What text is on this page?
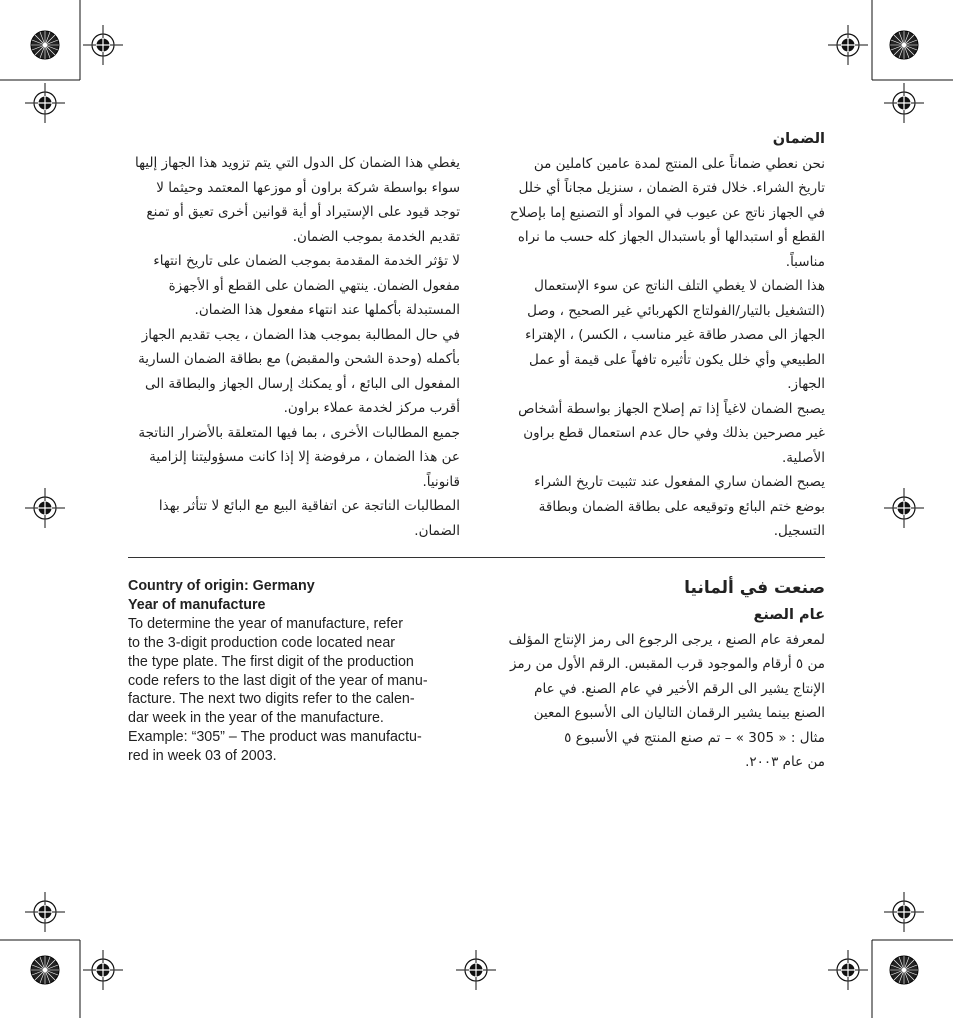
الضمان

نحن نعطي ضماناً على المنتج لمدة عامين كاملين من تاريخ الشراء. خلال فترة الضمان ، سنزيل مجاناً أي خلل في الجهاز ناتج عن عيوب في المواد أو التصنيع إما بإصلاح القطع أو استبدالها أو باستبدال الجهاز كله حسب ما نراه مناسباً.

هذا الضمان لا يغطي التلف الناتج عن سوء الإستعمال (التشغيل بالتيار/الفولتاج الكهربائي غير الصحيح ، وصل الجهاز الى مصدر طاقة غير مناسب ، الكسر) ، الإهتراء الطبيعي وأي خلل يكون تأثيره تافهاً على قيمة أو عمل الجهاز.

يصبح الضمان لاغياً إذا تم إصلاح الجهاز بواسطة أشخاص غير مصرحين بذلك وفي حال عدم استعمال قطع براون الأصلية.

يصبح الضمان ساري المفعول عند تثبيت تاريخ الشراء بوضع ختم البائع وتوقيعه على بطاقة الضمان وبطاقة التسجيل.

يغطي هذا الضمان كل الدول التي يتم تزويد هذا الجهاز إليها سواء بواسطة شركة براون أو موزعها المعتمد وحيثما لا توجد قيود على الإستيراد أو أية قوانين أخرى تعيق أو تمنع تقديم الخدمة بموجب الضمان.

لا تؤثر الخدمة المقدمة بموجب الضمان على تاريخ انتهاء مفعول الضمان. ينتهي الضمان على القطع أو الأجهزة المستبدلة بأكملها عند انتهاء مفعول هذا الضمان.

في حال المطالبة بموجب هذا الضمان ، يجب تقديم الجهاز بأكمله (وحدة الشحن والمقبض) مع بطاقة الضمان السارية المفعول الى البائع ، أو يمكنك إرسال الجهاز والبطاقة الى أقرب مركز لخدمة عملاء براون.

جميع المطالبات الأخرى ، بما فيها المتعلقة بالأضرار الناتجة عن هذا الضمان ، مرفوضة إلا إذا كانت مسؤوليتنا إلزامية قانونياً.

المطالبات الناتجة عن اتفاقية البيع مع البائع لا تتأثر بهذا الضمان.

Country of origin: Germany

Year of manufacture

To determine the year of manufacture, refer

to the 3-digit production code located near

the type plate. The first digit of the production

code refers to the last digit of the year of manu-

facture. The next two digits refer to the calen-

dar week in the year of the manufacture.

Example: “305” – The product was manufactu-

red in week 03 of 2003.

صنعت في ألمانيا

عام الصنع

لمعرفة عام الصنع ، يرجى الرجوع الى رمز الإنتاج المؤلف من ٥ أرقام والموجود قرب المقبس. الرقم الأول من رمز الإنتاج يشير الى الرقم الأخير في عام الصنع. في عام الصنع بينما يشير الرقمان التاليان الى الأسبوع المعين

مثال : « 305 » – تم صنع المنتج في الأسبوع ٥

من عام ٢٠٠٣.
